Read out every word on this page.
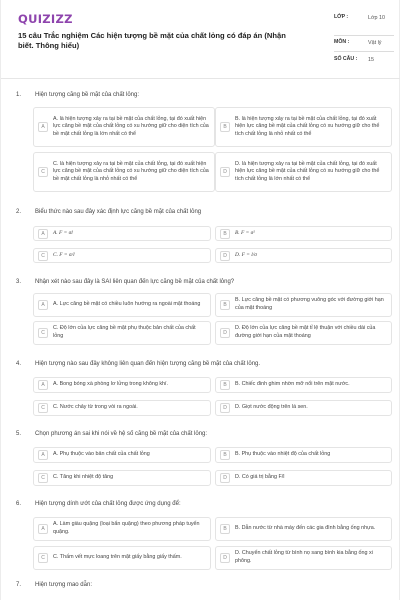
QUIZIZZ
15 câu Trắc nghiệm Các hiện tượng bề mặt của chất lỏng có đáp án (Nhận biết. Thông hiểu)
LỚP :	Lớp 10
MÔN :	Vật lý
SỐ CÂU : 15
1. Hiện tượng căng bề mặt của chất lỏng:
A
A. là hiện tượng xảy ra tại bề mặt của chất lỏng, tại đó xuất hiện lực căng bề mặt của chất lỏng có xu hướng giữ cho diện tích của bề mặt chất lỏng là lớn nhất có thể
B
B. là hiện tượng xảy ra tại bề mặt của chất lỏng, tại đó xuất hiện lực căng bề mặt của chất lỏng có xu hướng giữ cho thể tích chất lỏng là nhỏ nhất có thể
C
C. là hiện tượng xảy ra tại bề mặt của chất lỏng, tại đó xuất hiện lực căng bề mặt của chất lỏng có xu hướng giữ cho diện tích của bề mặt chất lỏng là nhỏ nhất có thể
D
D. là hiện tượng xảy ra tại bề mặt của chất lỏng, tại đó xuất hiện lực căng bề mặt của chất lỏng có xu hướng giữ cho thể tích chất lỏng là lớn nhất có thể
2. Biểu thức nào sau đây xác định lực căng bề mặt của chất lỏng
A	A. F = σl	B	B. F = σ²
C	C. F = σ/l	D	D. F = l/σ
3. Nhận xét nào sau đây là SAI liên quan đến lực căng bề mặt của chất lỏng?
A	A. Lực căng bề mặt có chiều luôn hướng ra ngoài mặt thoáng	B
B. Lực căng bề mặt có phương vuông góc với đường giới hạn của mặt thoáng
C
C. Độ lớn của lực căng bề mặt phụ thuộc bản chất của chất lỏng	D
D. Độ lớn của lực căng bề mặt tỉ lệ thuận với chiều dài của đường giới hạn của mặt thoáng
4. Hiện tượng nào sau đây không liên quan đến hiện tượng căng bề mặt của chất lỏng.
A	A. Bong bóng xà phòng lơ lửng trong không khí.	B	B. Chiếc đinh ghim nhờn mỡ nổi trên mặt nước.
C	C. Nước chảy từ trong vòi ra ngoài.	D	D. Giọt nước động trên lá sen.
5. Chọn phương án sai khi nói về hệ số căng bề mặt của chất lỏng:
A	A. Phụ thuộc vào bản chất của chất lỏng	B	B. Phụ thuộc vào nhiệt độ của chất lỏng
C	C. Tăng khi nhiệt độ tăng	D	D. Có giá trị bằng F/l
6. Hiện tượng dính ướt của chất lỏng được ứng dụng để:
A
A. Làm giàu quặng (loại bẩn quặng) theo phương pháp tuyển quặng.	B	B. Dẫn nước từ nhà máy đến các gia đình bằng ống nhựa.
C	C. Thấm vết mực loang trên mặt giấy bằng giấy thấm.	D
D. Chuyển chất lỏng từ bình nọ sang bình kia bằng ống xi phông.
7. Hiện tượng mao dẫn:
